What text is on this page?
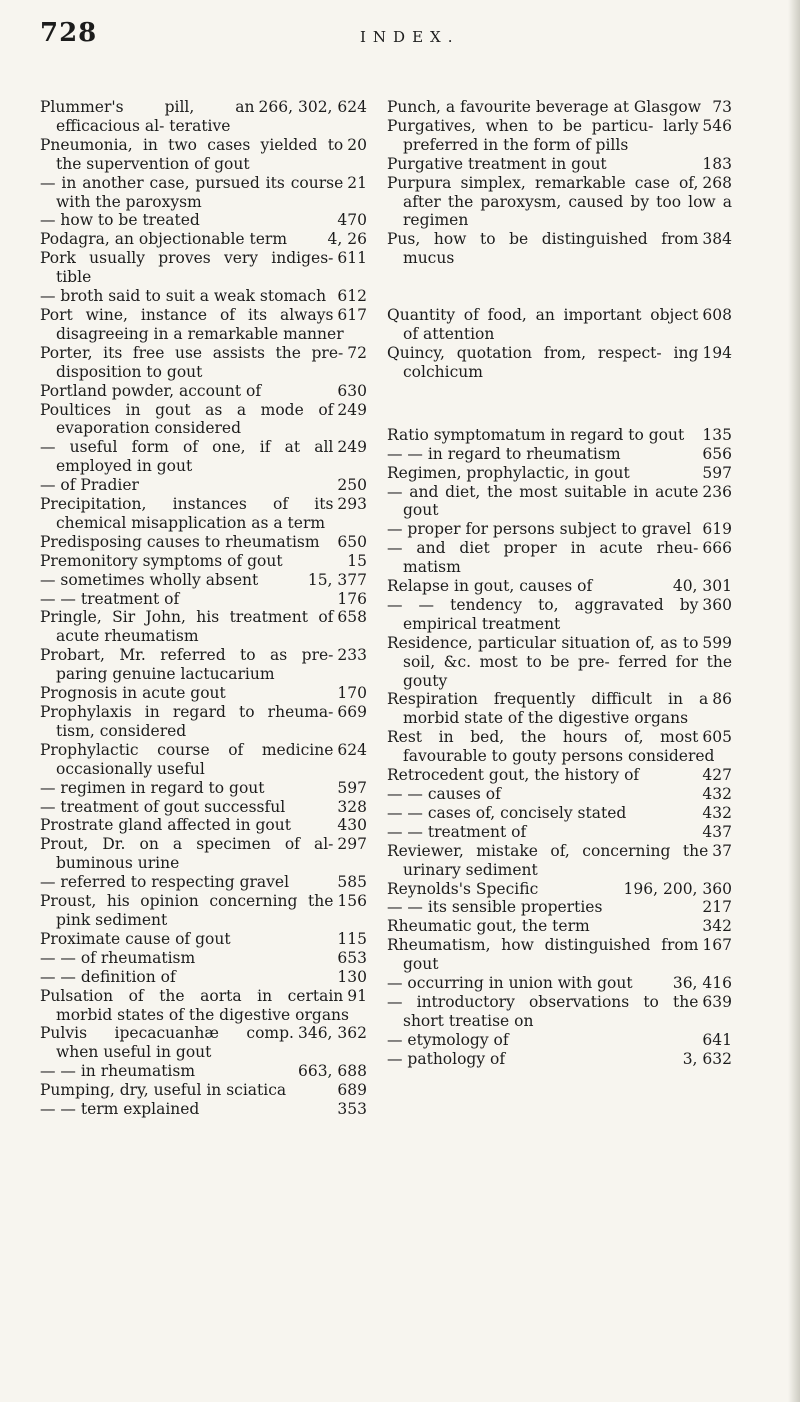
728	INDEX.
266, 302, 624
Plummer's pill, an efficacious al- terative
20
Pneumonia, in two cases yielded to the supervention of gout
21
— in another case, pursued its course with the paroxysm
470
— how to be treated
4, 26
Podagra, an objectionable term
611
Pork usually proves very indiges- tible
612
— broth said to suit a weak stomach
617
Port wine, instance of its always disagreeing in a remarkable manner
72
Porter, its free use assists the pre- disposition to gout
630
Portland powder, account of
249
Poultices in gout as a mode of evaporation considered
249
— useful form of one, if at all employed in gout
250
— of Pradier
293
Precipitation, instances of its chemical misapplication as a term
650
Predisposing causes to rheumatism
15
Premonitory symptoms of gout
15, 377
— sometimes wholly absent
176
— — treatment of
658
Pringle, Sir John, his treatment of acute rheumatism
233
Probart, Mr. referred to as pre- paring genuine lactucarium
170
Prognosis in acute gout
669
Prophylaxis in regard to rheuma- tism, considered
624
Prophylactic course of medicine occasionally useful
597
— regimen in regard to gout
328
— treatment of gout successful
430
Prostrate gland affected in gout
297
Prout, Dr. on a specimen of al- buminous urine
585
— referred to respecting gravel
156
Proust, his opinion concerning the pink sediment
115
Proximate cause of gout
653
— — of rheumatism
130
— — definition of
91
Pulsation of the aorta in certain morbid states of the digestive organs
346, 362
Pulvis ipecacuanhæ comp. when useful in gout
663, 688
— — in rheumatism
689
Pumping, dry, useful in sciatica
353
— — term explained
73
Punch, a favourite beverage at Glasgow
546
Purgatives, when to be particu- larly preferred in the form of pills
183
Purgative treatment in gout
268
Purpura simplex, remarkable case of, after the paroxysm, caused by too low a regimen
384
Pus, how to be distinguished from mucus
608
Quantity of food, an important object of attention
194
Quincy, quotation from, respect- ing colchicum
135
Ratio symptomatum in regard to gout
656
— — in regard to rheumatism
597
Regimen, prophylactic, in gout
236
— and diet, the most suitable in acute gout
619
— proper for persons subject to gravel
666
— and diet proper in acute rheu- matism
40, 301
Relapse in gout, causes of
360
— — tendency to, aggravated by empirical treatment
599
Residence, particular situation of, as to soil, &c. most to be pre- ferred for the gouty
86
Respiration frequently difficult in a morbid state of the digestive organs
605
Rest in bed, the hours of, most favourable to gouty persons considered
427
Retrocedent gout, the history of
432
— — causes of
432
— — cases of, concisely stated
437
— — treatment of
37
Reviewer, mistake of, concerning the urinary sediment
196, 200, 360
Reynolds's Specific
217
— — its sensible properties
342
Rheumatic gout, the term
167
Rheumatism, how distinguished from gout
36, 416
— occurring in union with gout
639
— introductory observations to the short treatise on
641
— etymology of
3, 632
— pathology of
